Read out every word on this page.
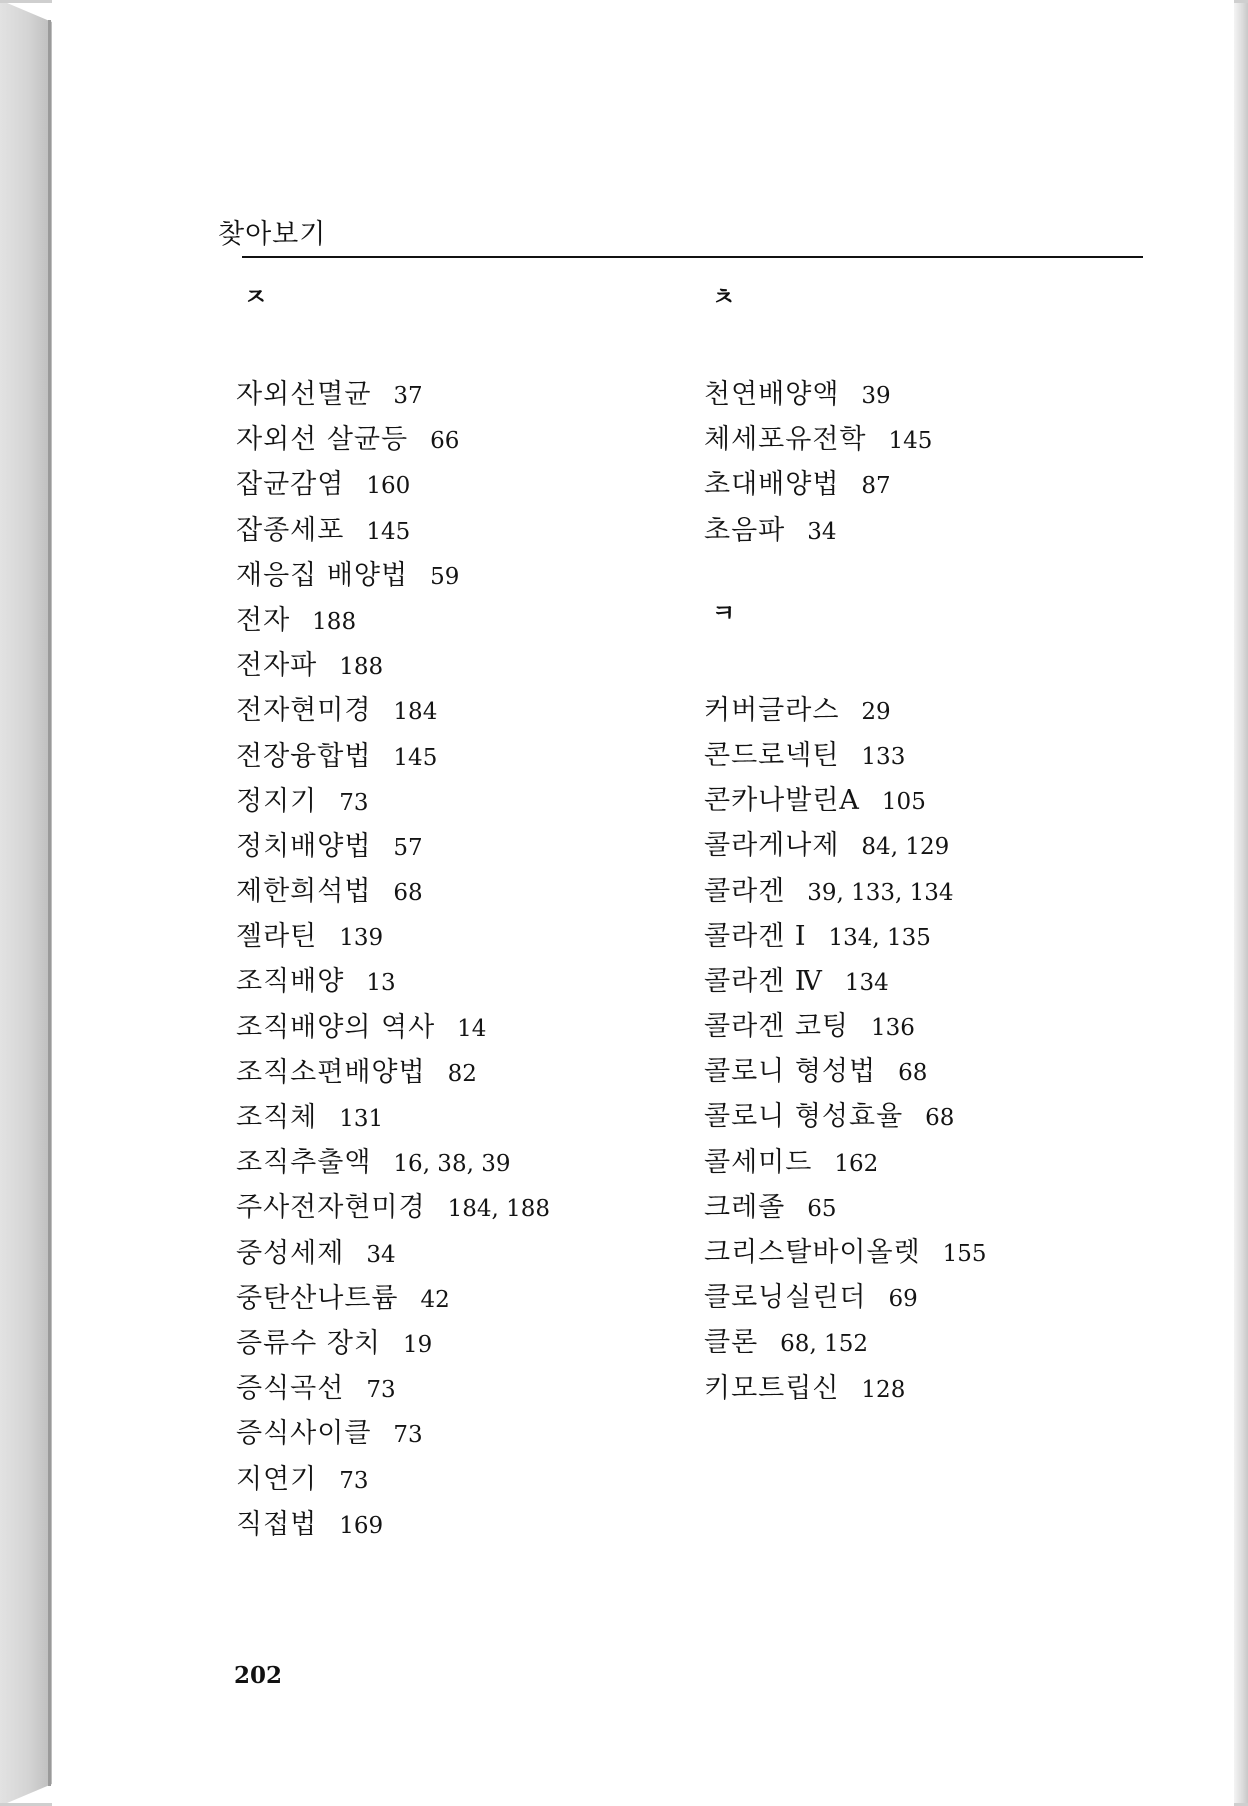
찾아보기
ㅈ
자외선멸균 37
자외선 살균등 66
잡균감염 160
잡종세포 145
재응집 배양법 59
전자 188
전자파 188
전자현미경 184
전장융합법 145
정지기 73
정치배양법 57
제한희석법 68
젤라틴 139
조직배양 13
조직배양의 역사 14
조직소편배양법 82
조직체 131
조직추출액 16, 38, 39
주사전자현미경 184, 188
중성세제 34
중탄산나트륨 42
증류수 장치 19
증식곡선 73
증식사이클 73
지연기 73
직접법 169
ㅊ
천연배양액 39
체세포유전학 145
초대배양법 87
초음파 34
ㅋ
커버글라스 29
콘드로넥틴 133
콘카나발린A 105
콜라게나제 84, 129
콜라겐 39, 133, 134
콜라겐 Ⅰ 134, 135
콜라겐 Ⅳ 134
콜라겐 코팅 136
콜로니 형성법 68
콜로니 형성효율 68
콜세미드 162
크레졸 65
크리스탈바이올렛 155
클로닝실린더 69
클론 68, 152
키모트립신 128
202
